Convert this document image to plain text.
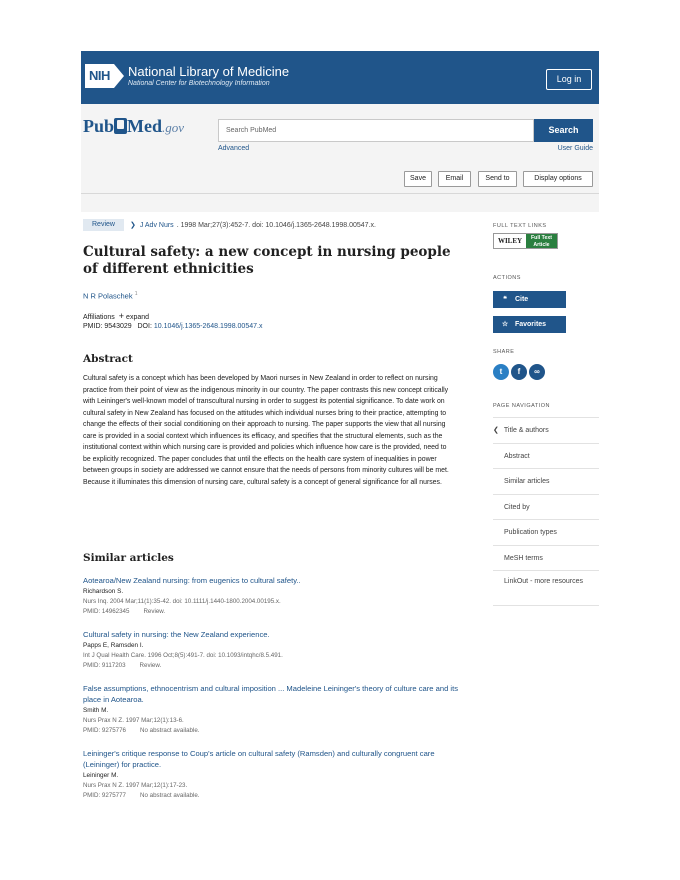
NIH	National Library of Medicine
National Center for Biotechnology Information	Log in
Pub Med.gov	Search PubMed	Search
Advanced	User Guide
Save	Email	Send to	Display options
Review	❯ J Adv Nurs . 1998 Mar;27(3):452-7. doi: 10.1046/j.1365-2648.1998.00547.x.
Cultural safety: a new concept in nursing people of different ethnicities
N R Polaschek $^1$
Affiliations + expand
PMID: 9543029 DOI: 10.1046/j.1365-2648.1998.00547.x
Abstract

Cultural safety is a concept which has been developed by Maori nurses in New Zealand in order to reflect on nursing practice from their point of view as the indigenous minority in our country. The paper contrasts this new concept critically with Leininger's well-known model of transcultural nursing in order to suggest its potential significance. To date work on cultural safety in New Zealand has focused on the attitudes which individual nurses bring to their practice, attempting to change the effects of their social conditioning on their approach to nursing. The paper supports the view that all nursing care is provided in a social context which influences its efficacy, and specifies that the structural elements, such as the institutional context within which nursing care is provided and policies which influence how care is the provided, need to be explicitly recognized. The paper concludes that until the effects on the health care system of inequalities in power between groups in society are addressed we cannot ensure that the needs of persons from minority cultures will be met. Because it illuminates this dimension of nursing care, cultural safety is a concept of general significance for all nurses.

Similar articles
Aotearoa/New Zealand nursing: from eugenics to cultural safety..
Richardson S.
Nurs Inq. 2004 Mar;11(1):35-42. doi: 10.1111/j.1440-1800.2004.00195.x.
PMID: 14962345 Review.
Cultural safety in nursing: the New Zealand experience.
Papps E, Ramsden I.
Int J Qual Health Care. 1996 Oct;8(5):491-7. doi: 10.1093/intqhc/8.5.491.
PMID: 9117203 Review.
False assumptions, ethnocentrism and cultural imposition ... Madeleine Leininger's theory of culture care and its place in Aotearoa.
Smith M.
Nurs Prax N Z. 1997 Mar;12(1):13-6.
PMID: 9275776 No abstract available.
Leininger's critique response to Coup's article on cultural safety (Ramsden) and culturally congruent care (Leininger) for practice.
Leininger M.
Nurs Prax N Z. 1997 Mar;12(1):17-23.
PMID: 9275777 No abstract available.
FULL TEXT LINKS
WILEY	Full Text Article
ACTIONS
❝ Cite
☆ Favorites
SHARE
t	f	∞
PAGE NAVIGATION
❮ Title & authors
Abstract
Similar articles
Cited by
Publication types
MeSH terms
LinkOut - more resources
